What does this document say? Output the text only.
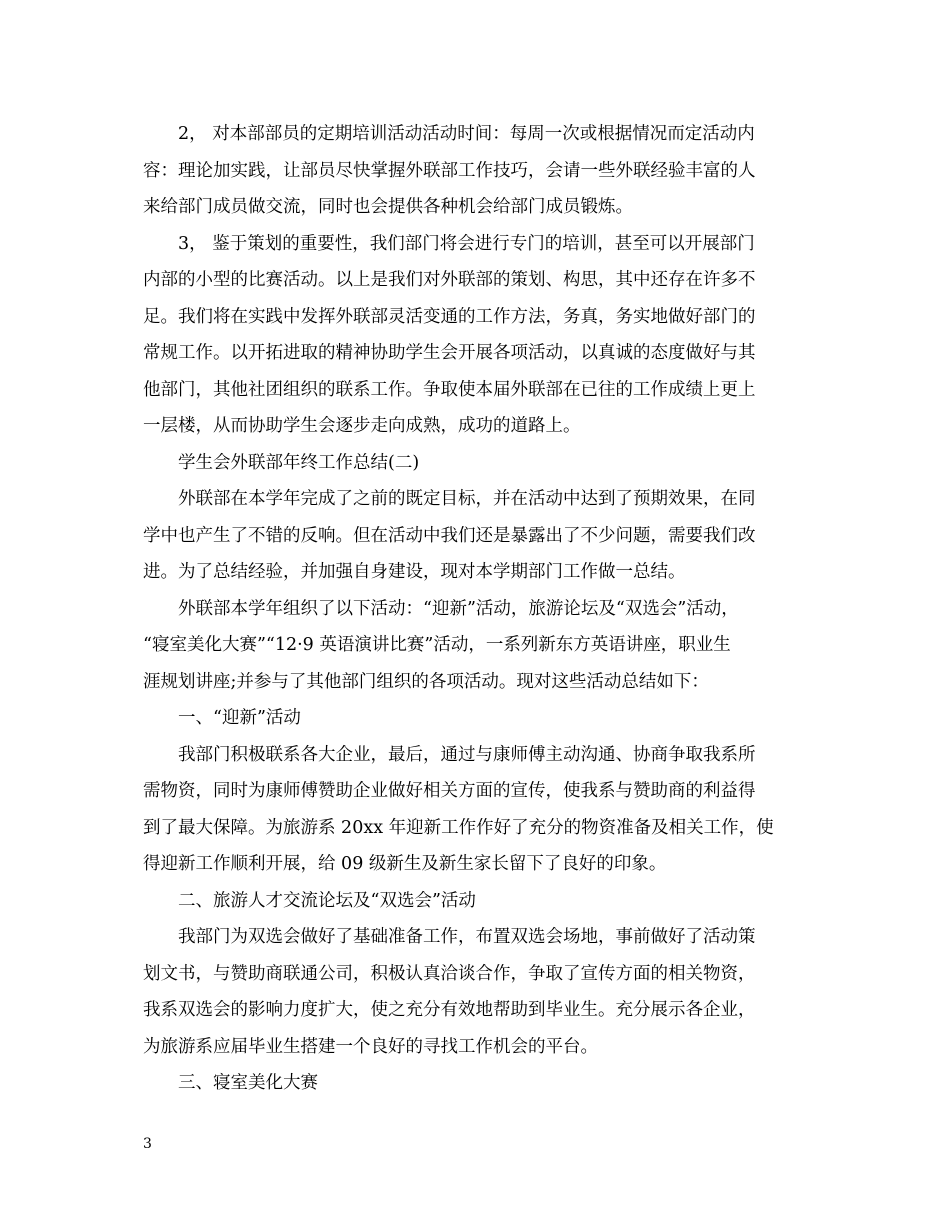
2， 对本部部员的定期培训活动活动时间：每周一次或根据情况而定活动内
容：理论加实践，让部员尽快掌握外联部工作技巧，会请一些外联经验丰富的人
来给部门成员做交流，同时也会提供各种机会给部门成员锻炼。
3， 鉴于策划的重要性，我们部门将会进行专门的培训，甚至可以开展部门
内部的小型的比赛活动。以上是我们对外联部的策划、构思，其中还存在许多不
足。我们将在实践中发挥外联部灵活变通的工作方法，务真，务实地做好部门的
常规工作。以开拓进取的精神协助学生会开展各项活动，以真诚的态度做好与其
他部门，其他社团组织的联系工作。争取使本届外联部在已往的工作成绩上更上
一层楼，从而协助学生会逐步走向成熟，成功的道路上。
学生会外联部年终工作总结(二)
外联部在本学年完成了之前的既定目标，并在活动中达到了预期效果，在同
学中也产生了不错的反响。但在活动中我们还是暴露出了不少问题，需要我们改
进。为了总结经验，并加强自身建设，现对本学期部门工作做一总结。
外联部本学年组织了以下活动：“迎新”活动，旅游论坛及“双选会”活动，
“寝室美化大赛”“12·9 英语演讲比赛”活动，一系列新东方英语讲座，职业生
涯规划讲座;并参与了其他部门组织的各项活动。现对这些活动总结如下：
一、“迎新”活动
我部门积极联系各大企业，最后，通过与康师傅主动沟通、协商争取我系所
需物资，同时为康师傅赞助企业做好相关方面的宣传，使我系与赞助商的利益得
到了最大保障。为旅游系 20xx 年迎新工作作好了充分的物资准备及相关工作，使
得迎新工作顺利开展，给 09 级新生及新生家长留下了良好的印象。
二、旅游人才交流论坛及“双选会”活动
我部门为双选会做好了基础准备工作，布置双选会场地，事前做好了活动策
划文书，与赞助商联通公司，积极认真洽谈合作，争取了宣传方面的相关物资，
我系双选会的影响力度扩大，使之充分有效地帮助到毕业生。充分展示各企业，
为旅游系应届毕业生搭建一个良好的寻找工作机会的平台。
三、寝室美化大赛
3
